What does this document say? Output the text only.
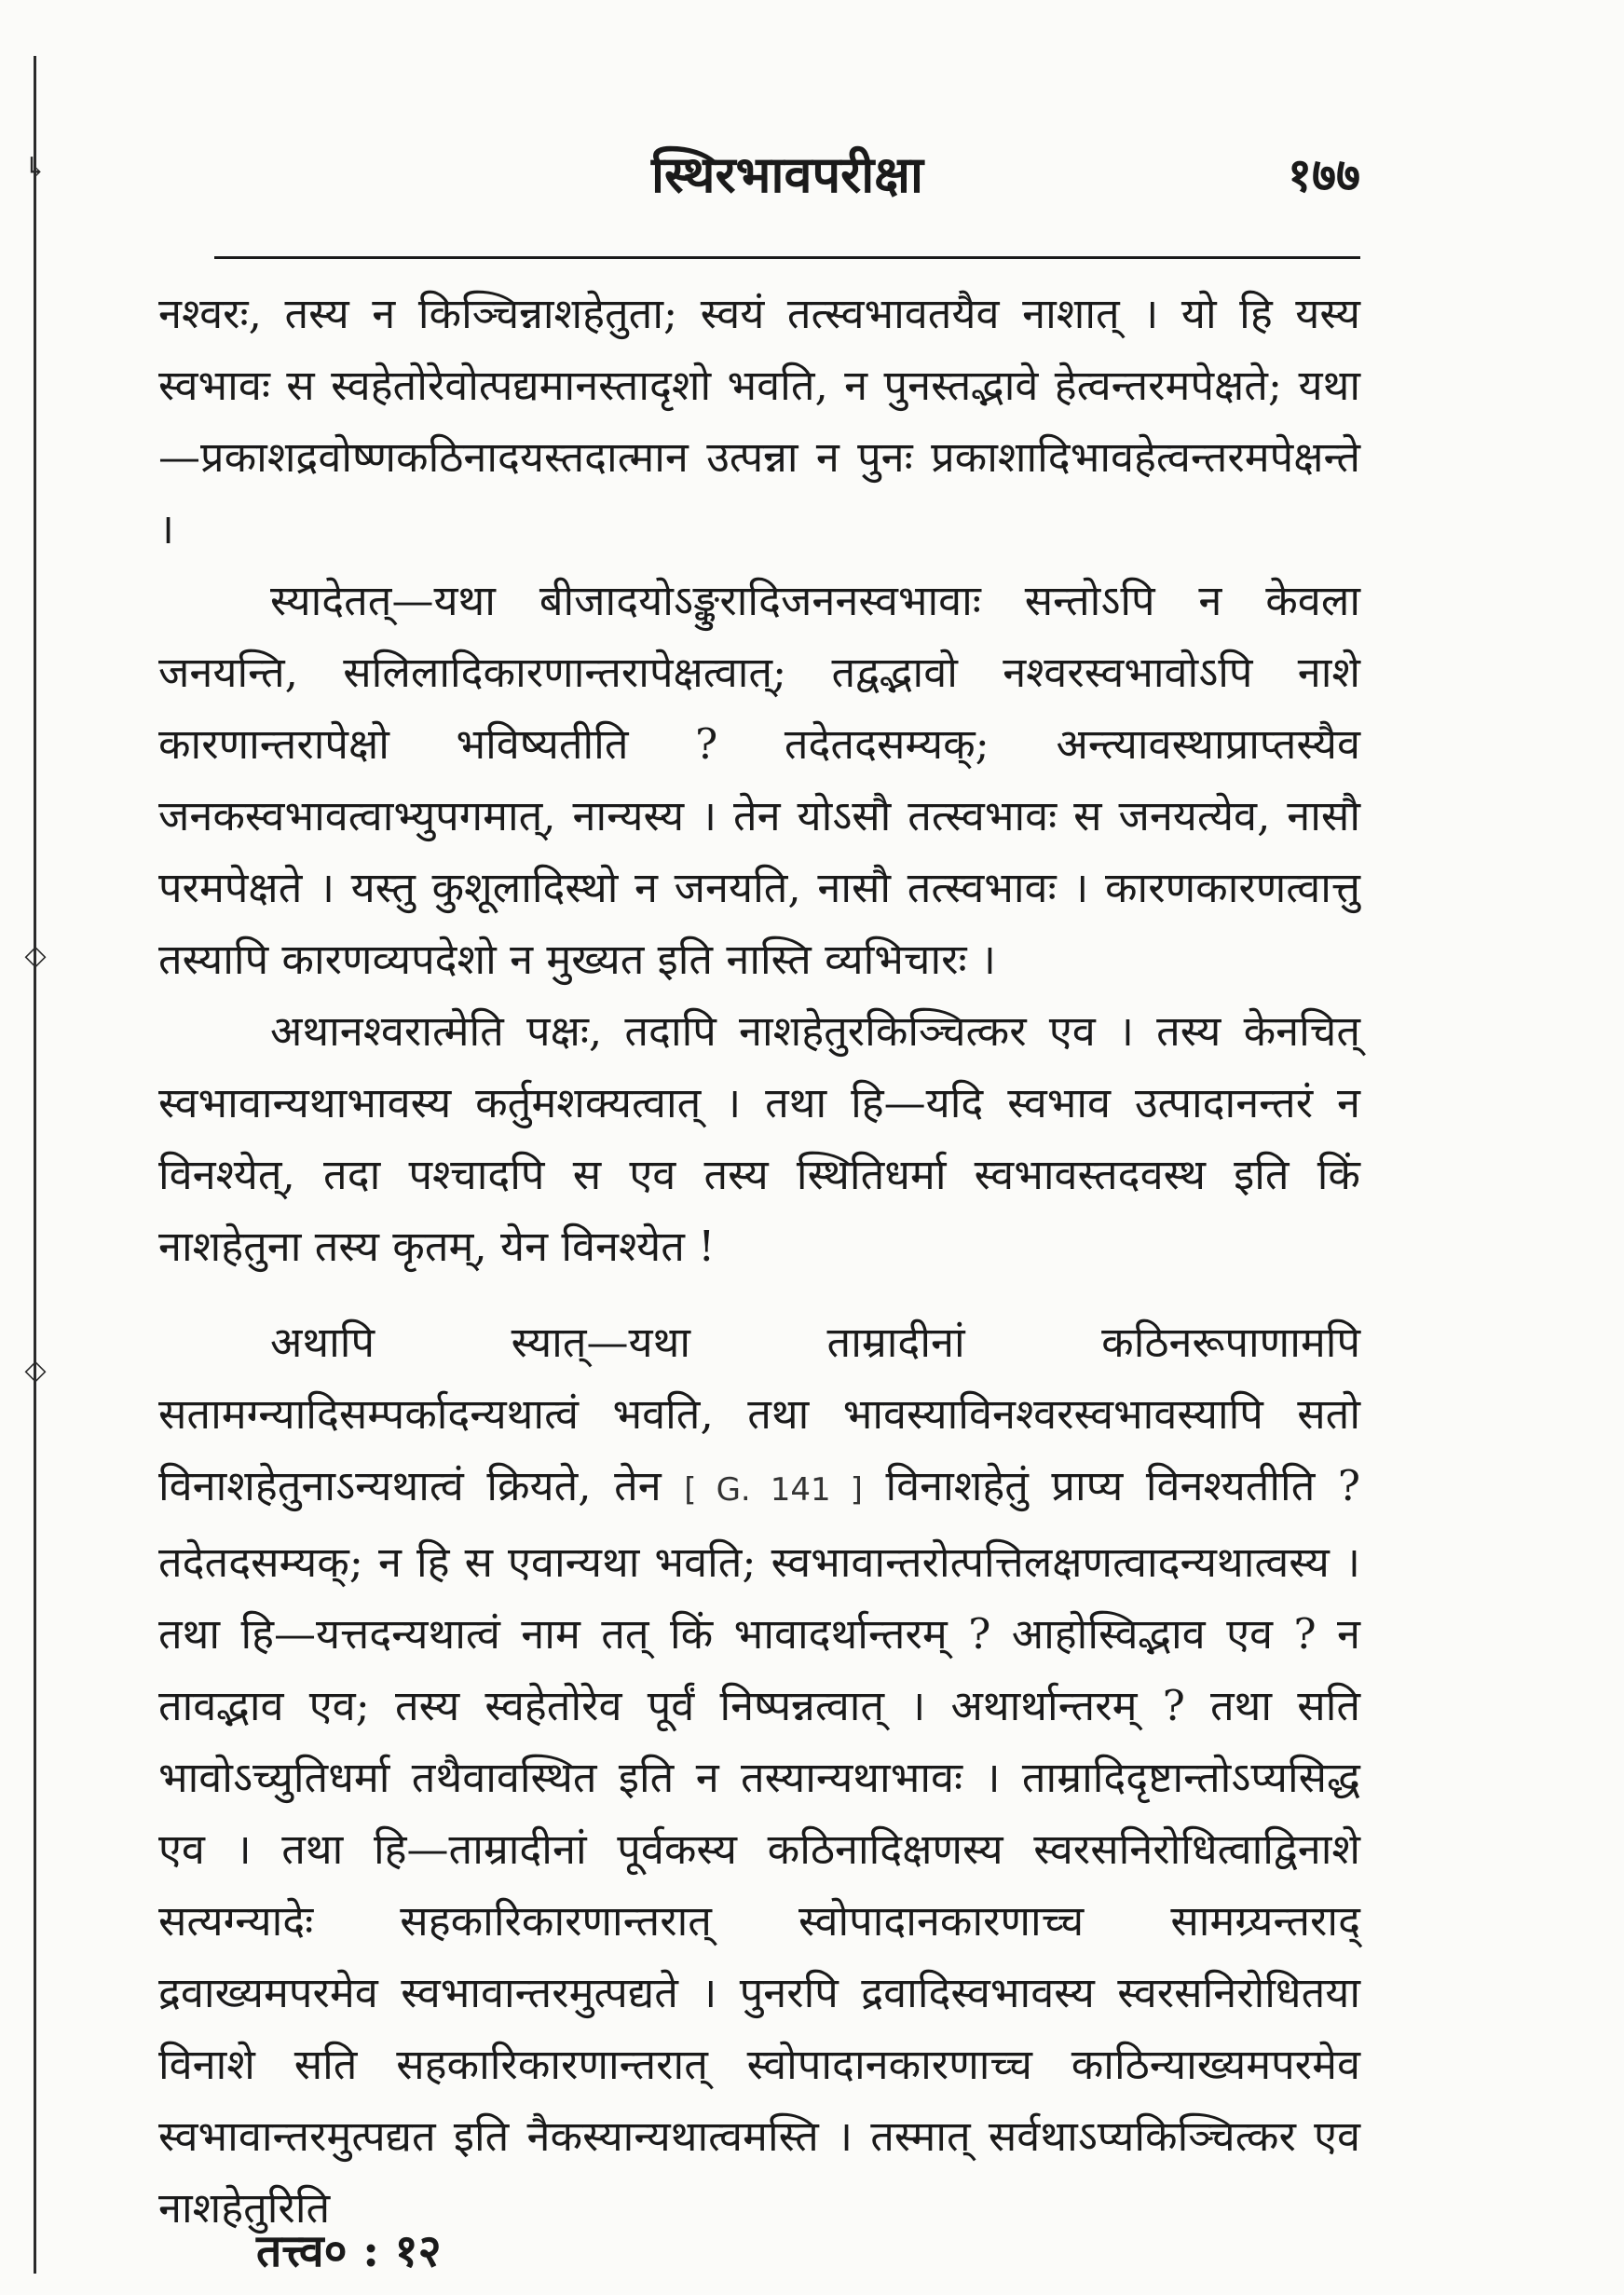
↳
◇
◇
स्थिरभावपरीक्षा	१७७

नश्वरः, तस्य न किञ्चिन्नाशहेतुता; स्वयं तत्स्वभावतयैव नाशात् । यो हि यस्य स्वभावः स स्वहेतोरेवोत्पद्यमानस्तादृशो भवति, न पुनस्तद्भावे हेत्वन्तरमपेक्षते; यथा—प्रकाशद्रवोष्णकठिनादयस्तदात्मान उत्पन्ना न पुनः प्रकाशादिभावहेत्वन्तरमपेक्षन्ते ।

स्यादेतत्—यथा बीजादयोऽङ्कुरादिजननस्वभावाः सन्तोऽपि न केवला जनयन्ति, सलिलादिकारणान्तरापेक्षत्वात्; तद्वद्भावो नश्वरस्वभावोऽपि नाशे कारणान्तरापेक्षो भविष्यतीति ? तदेतदसम्यक्; अन्त्यावस्थाप्राप्तस्यैव जनकस्वभावत्वाभ्युपगमात्, नान्यस्य । तेन योऽसौ तत्स्वभावः स जनयत्येव, नासौ परमपेक्षते । यस्तु कुशूलादिस्थो न जनयति, नासौ तत्स्वभावः । कारणकारणत्वात्तु तस्यापि कारणव्यपदेशो न मुख्यत इति नास्ति व्यभिचारः ।

अथानश्वरात्मेति पक्षः, तदापि नाशहेतुरकिञ्चित्कर एव । तस्य केनचित् स्वभावान्यथाभावस्य कर्तुमशक्यत्वात् । तथा हि—यदि स्वभाव उत्पादानन्तरं न विनश्येत्, तदा पश्चादपि स एव तस्य स्थितिधर्मा स्वभावस्तदवस्थ इति किं नाशहेतुना तस्य कृतम्, येन विनश्येत !

अथापि स्यात्—यथा ताम्रादीनां कठिनरूपाणामपि सतामग्न्यादिसम्पर्कादन्यथात्वं भवति, तथा भावस्याविनश्वरस्वभावस्यापि सतो विनाशहेतुनाऽन्यथात्वं क्रियते, तेन [ G. 141 ] विनाशहेतुं प्राप्य विनश्यतीति ? तदेतदसम्यक्; न हि स एवान्यथा भवति; स्वभावान्तरोत्पत्तिलक्षणत्वादन्यथात्वस्य । तथा हि—यत्तदन्यथात्वं नाम तत् किं भावादर्थान्तरम् ? आहोस्विद्भाव एव ? न तावद्भाव एव; तस्य स्वहेतोरेव पूर्वं निष्पन्नत्वात् । अथार्थान्तरम् ? तथा सति भावोऽच्युतिधर्मा तथैवावस्थित इति न तस्यान्यथाभावः । ताम्रादिदृष्टान्तोऽप्यसिद्ध एव । तथा हि—ताम्रादीनां पूर्वकस्य कठिनादिक्षणस्य स्वरसनिरोधित्वाद्विनाशे सत्यग्न्यादेः सहकारिकारणान्तरात् स्वोपादानकारणाच्च सामग्र्यन्तराद् द्रवाख्यमपरमेव स्वभावान्तरमुत्पद्यते । पुनरपि द्रवादिस्वभावस्य स्वरसनिरोधितया विनाशे सति सहकारिकारणान्तरात् स्वोपादानकारणाच्च काठिन्याख्यमपरमेव स्वभावान्तरमुत्पद्यत इति नैकस्यान्यथात्वमस्ति । तस्मात् सर्वथाऽप्यकिञ्चित्कर एव नाशहेतुरिति

तत्त्व० : १२
